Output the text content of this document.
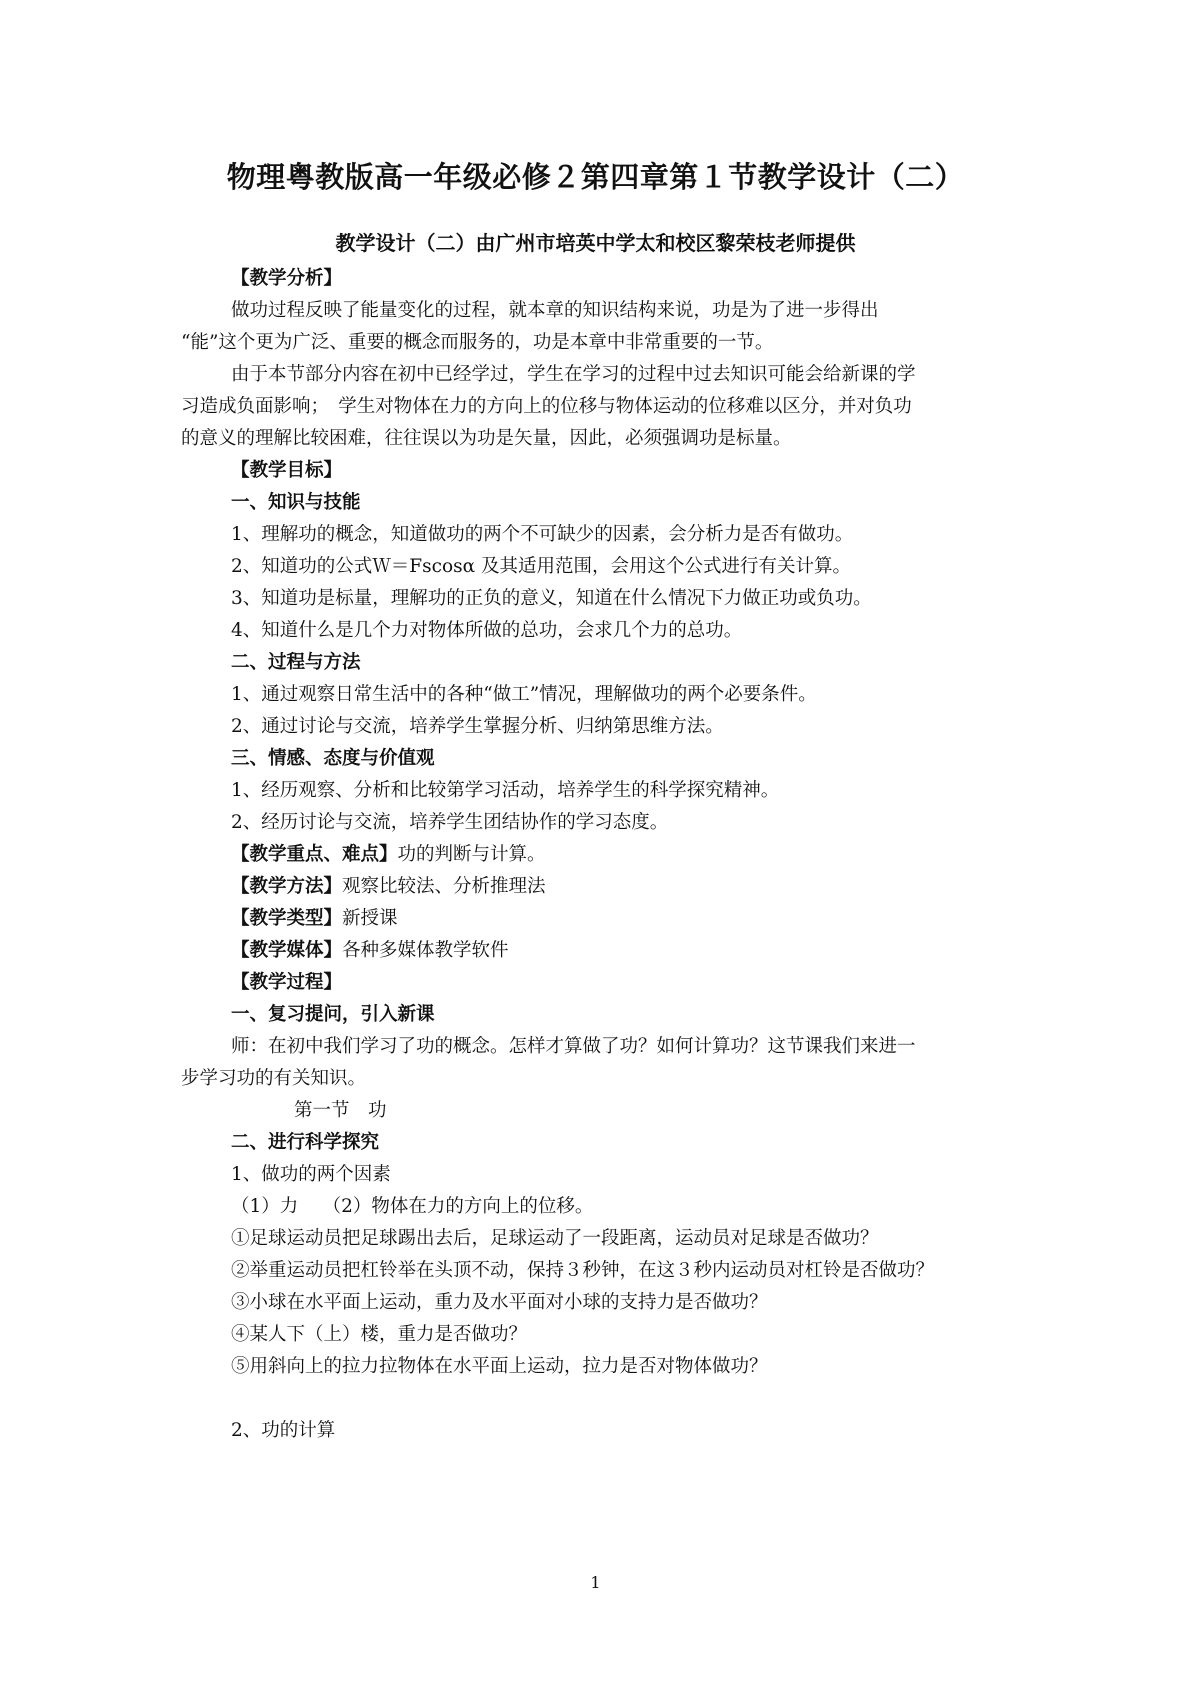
物理粤教版高一年级必修２第四章第１节教学设计（二）
教学设计（二）由广州市培英中学太和校区黎荣枝老师提供

【教学分析】

做功过程反映了能量变化的过程，就本章的知识结构来说，功是为了进一步得出

“能”这个更为广泛、重要的概念而服务的，功是本章中非常重要的一节。

由于本节部分内容在初中已经学过，学生在学习的过程中过去知识可能会给新课的学

习造成负面影响；　学生对物体在力的方向上的位移与物体运动的位移难以区分，并对负功

的意义的理解比较困难，往往误以为功是矢量，因此，必须强调功是标量。

【教学目标】

一、知识与技能

1、理解功的概念，知道做功的两个不可缺少的因素，会分析力是否有做功。

2、知道功的公式Ｗ＝Fscosα 及其适用范围，会用这个公式进行有关计算。

3、知道功是标量，理解功的正负的意义，知道在什么情况下力做正功或负功。

4、知道什么是几个力对物体所做的总功，会求几个力的总功。

二、过程与方法

1、通过观察日常生活中的各种“做工”情况，理解做功的两个必要条件。

2、通过讨论与交流，培养学生掌握分析、归纳第思维方法。

三、情感、态度与价值观

1、经历观察、分析和比较第学习活动，培养学生的科学探究精神。

2、经历讨论与交流，培养学生团结协作的学习态度。

【教学重点、难点】功的判断与计算。

【教学方法】观察比较法、分析推理法

【教学类型】新授课

【教学媒体】各种多媒体教学软件

【教学过程】

一、复习提问，引入新课

师：在初中我们学习了功的概念。怎样才算做了功？如何计算功？这节课我们来进一

步学习功的有关知识。

第一节　功

二、进行科学探究

1、做功的两个因素

（1）力　 （2）物体在力的方向上的位移。

①足球运动员把足球踢出去后，足球运动了一段距离，运动员对足球是否做功？

②举重运动员把杠铃举在头顶不动，保持３秒钟，在这３秒内运动员对杠铃是否做功？

③小球在水平面上运动，重力及水平面对小球的支持力是否做功？

④某人下（上）楼，重力是否做功？

⑤用斜向上的拉力拉物体在水平面上运动，拉力是否对物体做功？

2、功的计算

1
